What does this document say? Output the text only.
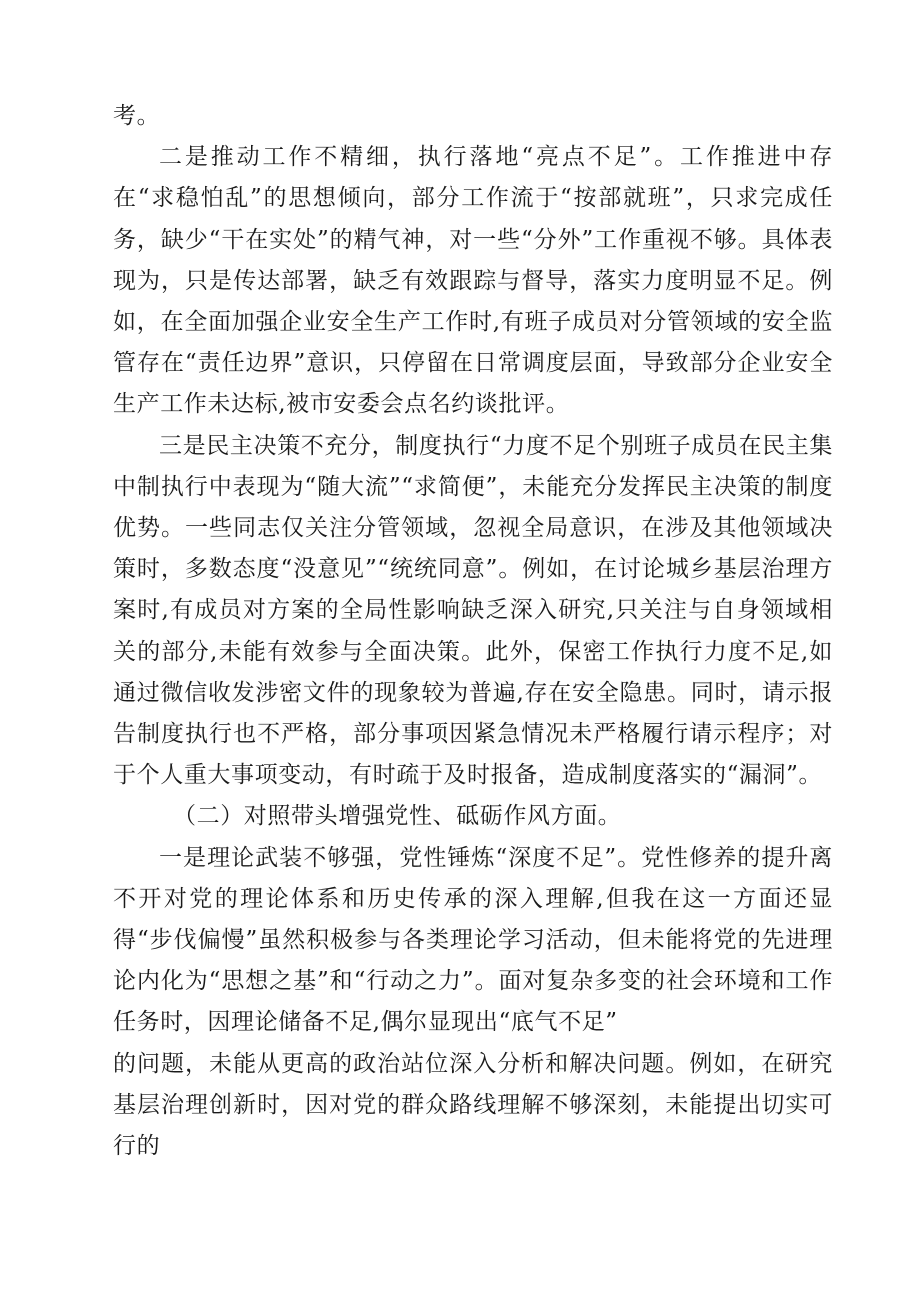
考。

二是推动工作不精细，执行落地“亮点不足”。工作推进中存在“求稳怕乱”的思想倾向，部分工作流于“按部就班”，只求完成任务，缺少“干在实处”的精气神，对一些“分外”工作重视不够。具体表现为，只是传达部署，缺乏有效跟踪与督导，落实力度明显不足。例如，在全面加强企业安全生产工作时,有班子成员对分管领域的安全监管存在“责任边界”意识，只停留在日常调度层面，导致部分企业安全生产工作未达标,被市安委会点名约谈批评。

三是民主决策不充分，制度执行“力度不足个别班子成员在民主集中制执行中表现为“随大流”“求简便”，未能充分发挥民主决策的制度优势。一些同志仅关注分管领域，忽视全局意识，在涉及其他领域决策时，多数态度“没意见”“统统同意”。例如，在讨论城乡基层治理方案时,有成员对方案的全局性影响缺乏深入研究,只关注与自身领域相关的部分,未能有效参与全面决策。此外，保密工作执行力度不足,如通过微信收发涉密文件的现象较为普遍,存在安全隐患。同时，请示报告制度执行也不严格，部分事项因紧急情况未严格履行请示程序；对于个人重大事项变动，有时疏于及时报备，造成制度落实的“漏洞”。

（二）对照带头增强党性、砥砺作风方面。

一是理论武装不够强，党性锤炼“深度不足”。党性修养的提升离不开对党的理论体系和历史传承的深入理解,但我在这一方面还显得“步伐偏慢”虽然积极参与各类理论学习活动，但未能将党的先进理论内化为“思想之基”和“行动之力”。面对复杂多变的社会环境和工作任务时，因理论储备不足,偶尔显现出“底气不足”

的问题，未能从更高的政治站位深入分析和解决问题。例如，在研究基层治理创新时，因对党的群众路线理解不够深刻，未能提出切实可行的
